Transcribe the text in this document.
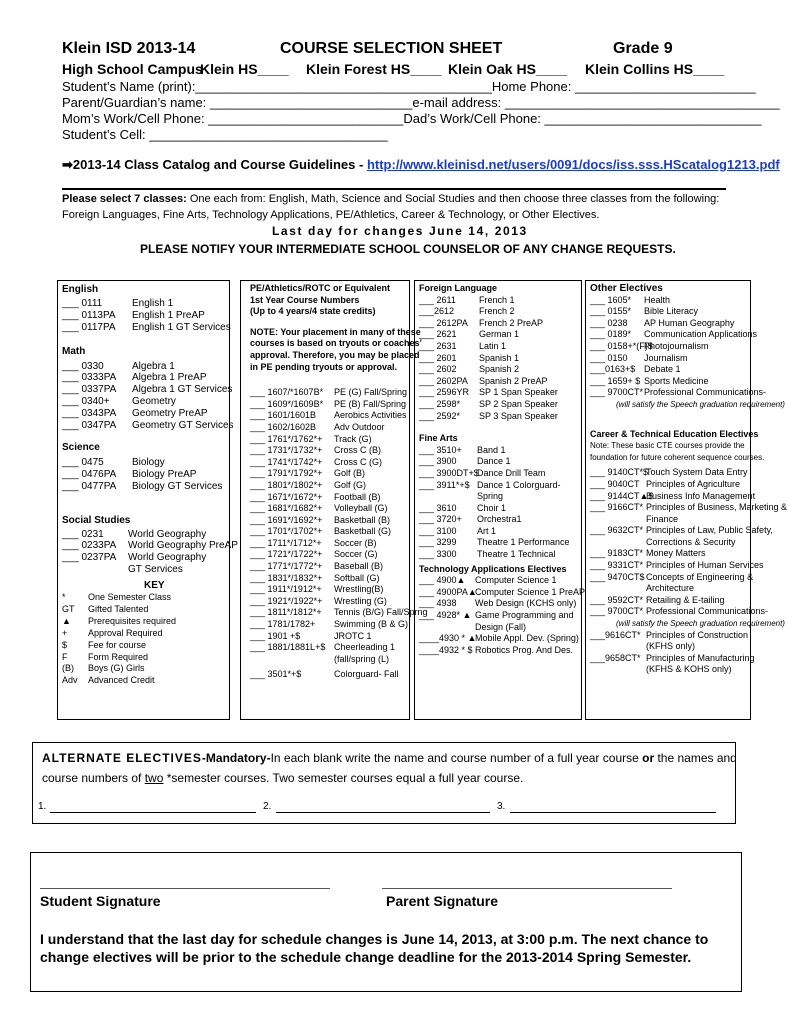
Klein ISD 2013-14	COURSE SELECTION SHEET	Grade 9
High School Campus
Klein HS____ Klein Forest HS____ Klein Oak HS____ Klein Collins HS____
Student’s Name (print):_________________________________________Home Phone: _________________________
Parent/Guardian’s name: ____________________________e-mail address: ______________________________________
Mom’s Work/Cell Phone: ___________________________Dad’s Work/Cell Phone: ______________________________
Student’s Cell: _________________________________
➡2013-14 Class Catalog and Course Guidelines - http://www.kleinisd.net/users/0091/docs/iss.sss.HScatalog1213.pdf
Please select 7 classes: One each from: English, Math, Science and Social Studies and then choose three classes from the following:
Foreign Languages, Fine Arts, Technology Applications, PE/Athletics, Career & Technology, or Other Electives.
Last day for changes June 14, 2013
PLEASE NOTIFY YOUR INTERMEDIATE SCHOOL COUNSELOR OF ANY CHANGE REQUESTS.
English
___ 0111	English 1
___ 0113PA English 1 PreAP
___ 0117PA English 1 GT Services
Math
___ 0330	Algebra 1
___ 0333PA Algebra 1 PreAP
___ 0337PA Algebra 1 GT Services
___ 0340+ Geometry
___ 0343PA Geometry PreAP
___ 0347PA Geometry GT Services
Science
___ 0475	Biology
___ 0476PA Biology PreAP
___ 0477PA Biology GT Services
Social Studies
___ 0231 World Geography
___ 0233PA World Geography PreAP
___ 0237PA World Geography
GT Services
KEY
* One Semester Class
GT Gifted Talented
▲ Prerequisites required
+ Approval Required
$ Fee for course
F Form Required
(B) Boys (G) Girls
Adv Advanced Credit
PE/Athletics/ROTC or Equivalent
1st Year Course Numbers
(Up to 4 years/4 state credits)
NOTE: Your placement in many of these
courses is based on tryouts or coaches’
approval. Therefore, you may be placed
in PE pending tryouts or approval.
___ 1607/*1607B* PE (G) Fall/Spring
___ 1609*/1609B* PE (B) Fall/Spring
___ 1601/1601B Aerobics Activities
___ 1602/1602B Adv Outdoor
___ 1761*/1762*+ Track (G)
___ 1731*/1732*+ Cross C (B)
___ 1741*/1742*+ Cross C (G)
___ 1791*/1792*+ Golf (B)
___ 1801*/1802*+ Golf (G)
___ 1671*/1672*+ Football (B)
___ 1681*/1682*+ Volleyball (G)
___ 1691*/1692*+ Basketball (B)
___ 1701*/1702*+ Basketball (G)
___ 1711*/1712*+ Soccer (B)
___ 1721*/1722*+ Soccer (G)
___ 1771*/1772*+ Baseball (B)
___ 1831*/1832*+ Softball (G)
___ 1911*/1912*+ Wrestling(B)
___ 1921*/1922*+ Wrestling (G)
___ 1811*/1812*+ Tennis (B/G) Fall/Sprng
___ 1781/1782+ Swimming (B & G)
___ 1901 +$	JROTC 1
___ 1881/1881L+$ Cheerleading 1
(fall/spring (L)
___ 3501*+$	Colorguard- Fall
Foreign Language
___ 2611	French 1
___2612	French 2
___ 2612PA French 2 PreAP
___ 2621 German 1
___ 2631 Latin 1
___ 2601 Spanish 1
___ 2602 Spanish 2
___ 2602PA Spanish 2 PreAP
___ 2596YR SP 1 Span Speaker
___ 2598* SP 2 Span Speaker
___ 2592* SP 3 Span Speaker
Fine Arts
___ 3510+ Band 1
___ 3900 Dance 1
___ 3900DT+$Dance Drill Team
___ 3911*+$ Dance 1 Colorguard-
Spring
___ 3610 Choir 1
___ 3720+ Orchestra1
___ 3100 Art 1
___ 3299 Theatre 1 Performance
___ 3300 Theatre 1 Technical
Technology Applications Electives
___ 4900▲ Computer Science 1
___ 4900PA▲Computer Science 1 PreAP
___ 4938 Web Design (KCHS only)
___ 4928* ▲ Game Programming and
Design (Fall)
____4930 * ▲Mobile Appl. Dev. (Spring)
____4932 * $ Robotics Prog. And Des.
Other Electives
___ 1605* Health
___ 0155* Bible Literacy
___ 0238 AP Human Geography
___ 0189* Communication Applications
___ 0158+*(F)$Photojournalism
___ 0150 Journalism
___0163+$ Debate 1
___ 1659+ $ Sports Medicine
___ 9700CT*Professional Communications-
(will satisfy the Speech graduation requirement)
Career & Technical Education Electives
Note: These basic CTE courses provide the
foundation for future coherent sequence courses.
___ 9140CT*$Touch System Data Entry
___ 9040CT Principles of Agriculture
___ 9144CT▲$Business Info Management
___ 9166CT* Principles of Business, Marketing &
Finance
___ 9632CT* Principles of Law, Public Safety,
Corrections & Security
___ 9183CT* Money Matters
___ 9331CT* Principles of Human Services
___ 9470CT$Concepts of Engineering &
Architecture
___ 9592CT* Retailing & E-tailing
___ 9700CT* Professional Communications-
(will satisfy the Speech graduation requirement)
___9616CT* Principles of Construction
(KFHS only)
___9658CT* Principles of Manufacturing
(KFHS & KOHS only)
ALTERNATE ELECTIVES-Mandatory-In each blank write the name and course number of a full year course or the names and
course numbers of two *semester courses. Two semester courses equal a full year course.
1.	2.	3.
Student Signature	Parent Signature
I understand that the last day for schedule changes is June 14, 2013, at 3:00 p.m. The next chance to change electives will be prior to the schedule change deadline for the 2013-2014 Spring Semester.
